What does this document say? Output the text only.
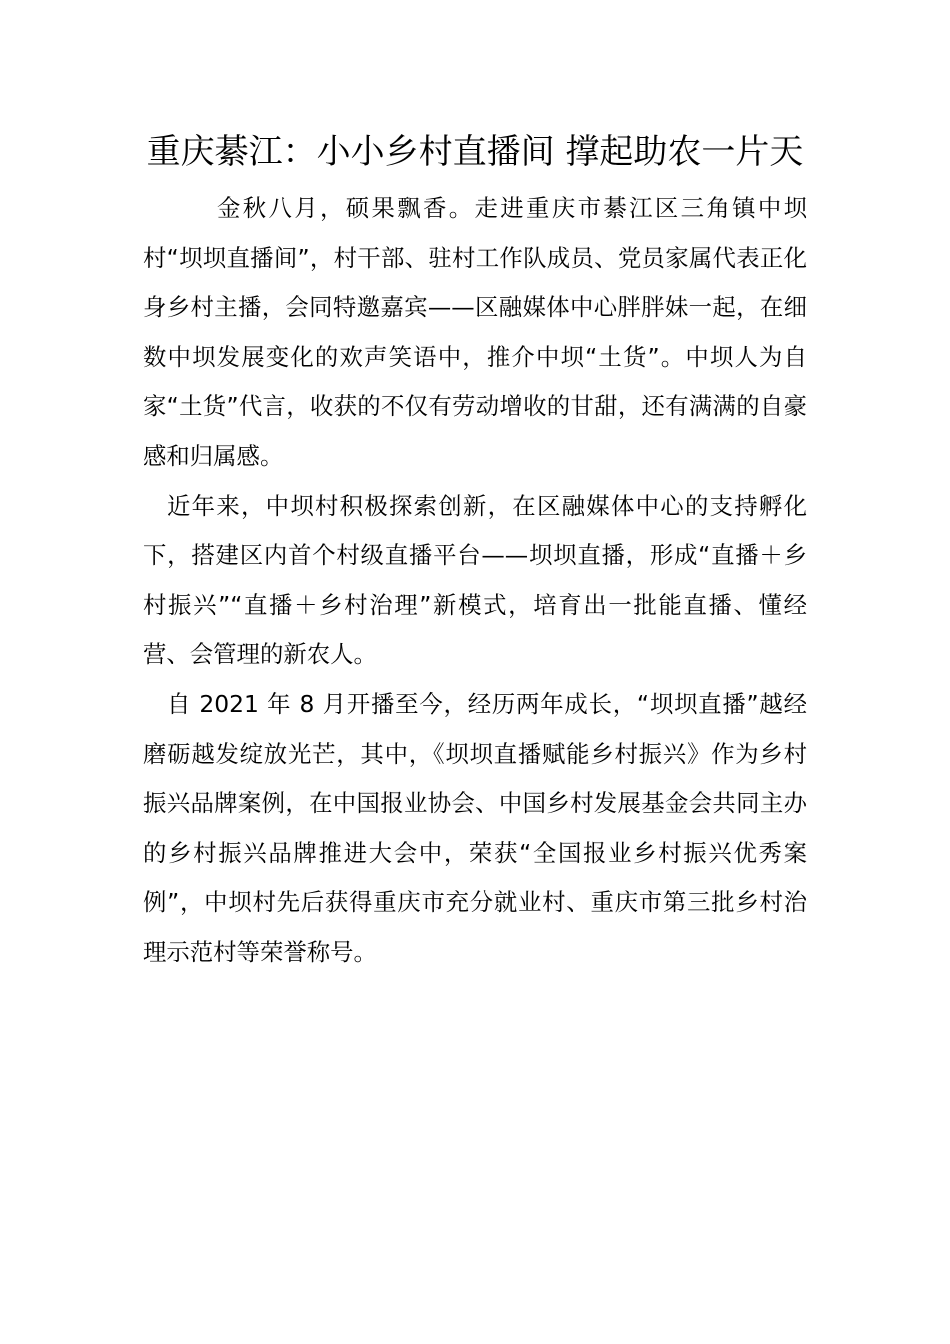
重庆綦江：小小乡村直播间 撑起助农一片天

金秋八月，硕果飘香。走进重庆市綦江区三角镇中坝村“坝坝直播间”，村干部、驻村工作队成员、党员家属代表正化身乡村主播，会同特邀嘉宾——区融媒体中心胖胖妹一起，在细数中坝发展变化的欢声笑语中，推介中坝“土货”。中坝人为自家“土货”代言，收获的不仅有劳动增收的甘甜，还有满满的自豪感和归属感。

近年来，中坝村积极探索创新，在区融媒体中心的支持孵化下，搭建区内首个村级直播平台——坝坝直播，形成“直播＋乡村振兴”“直播＋乡村治理”新模式，培育出一批能直播、懂经营、会管理的新农人。

自 2021 年 8 月开播至今，经历两年成长，“坝坝直播”越经磨砺越发绽放光芒，其中，《坝坝直播赋能乡村振兴》作为乡村振兴品牌案例，在中国报业协会、中国乡村发展基金会共同主办的乡村振兴品牌推进大会中，荣获“全国报业乡村振兴优秀案例”，中坝村先后获得重庆市充分就业村、重庆市第三批乡村治理示范村等荣誉称号。
